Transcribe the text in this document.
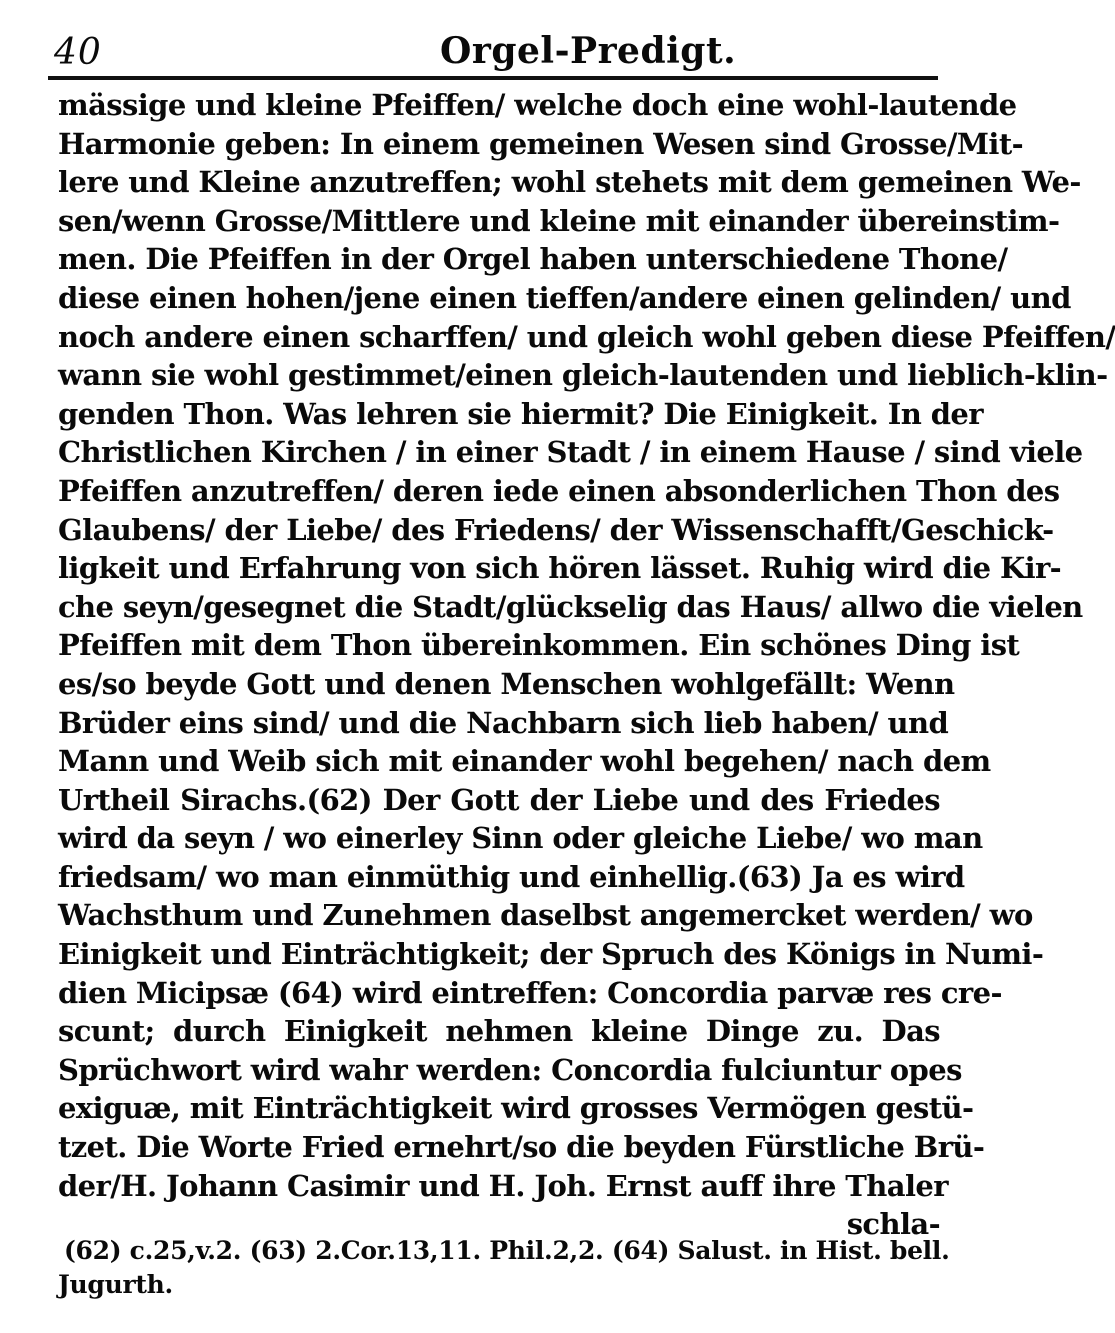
40	Orgel-Predigt.
mässige und kleine Pfeiffen/ welche doch eine wohl-lautende
Harmonie geben: In einem gemeinen Wesen sind Grosse/Mit-
lere und Kleine anzutreffen; wohl stehets mit dem gemeinen We-
sen/wenn Grosse/Mittlere und kleine mit einander übereinstim-
men. Die Pfeiffen in der Orgel haben unterschiedene Thone/
diese einen hohen/jene einen tieffen/andere einen gelinden/ und
noch andere einen scharffen/ und gleich wohl geben diese Pfeiffen/
wann sie wohl gestimmet/einen gleich-lautenden und lieblich-klin-
genden Thon. Was lehren sie hiermit? Die Einigkeit. In der
Christlichen Kirchen / in einer Stadt / in einem Hause / sind viele
Pfeiffen anzutreffen/ deren iede einen absonderlichen Thon des
Glaubens/ der Liebe/ des Friedens/ der Wissenschafft/Geschick-
ligkeit und Erfahrung von sich hören lässet. Ruhig wird die Kir-
che seyn/gesegnet die Stadt/glückselig das Haus/ allwo die vielen
Pfeiffen mit dem Thon übereinkommen. Ein schönes Ding ist
es/so beyde Gott und denen Menschen wohlgefällt: Wenn
Brüder eins sind/ und die Nachbarn sich lieb haben/ und
Mann und Weib sich mit einander wohl begehen/ nach dem
Urtheil Sirachs.(62) Der Gott der Liebe und des Friedes
wird da seyn / wo einerley Sinn oder gleiche Liebe/ wo man
friedsam/ wo man einmüthig und einhellig.(63) Ja es wird
Wachsthum und Zunehmen daselbst angemercket werden/ wo
Einigkeit und Einträchtigkeit; der Spruch des Königs in Numi-
dien Micipsæ (64) wird eintreffen: Concordia parvæ res cre-
scunt; durch Einigkeit nehmen kleine Dinge zu. Das
Sprüchwort wird wahr werden: Concordia fulciuntur opes
exiguæ, mit Einträchtigkeit wird grosses Vermögen gestü-
tzet. Die Worte Fried ernehrt/so die beyden Fürstliche Brü-
der/H. Johann Casimir und H. Joh. Ernst auff ihre Thaler
schla-
(62) c.25,v.2. (63) 2.Cor.13,11. Phil.2,2. (64) Salust. in Hist. bell.
Jugurth.
